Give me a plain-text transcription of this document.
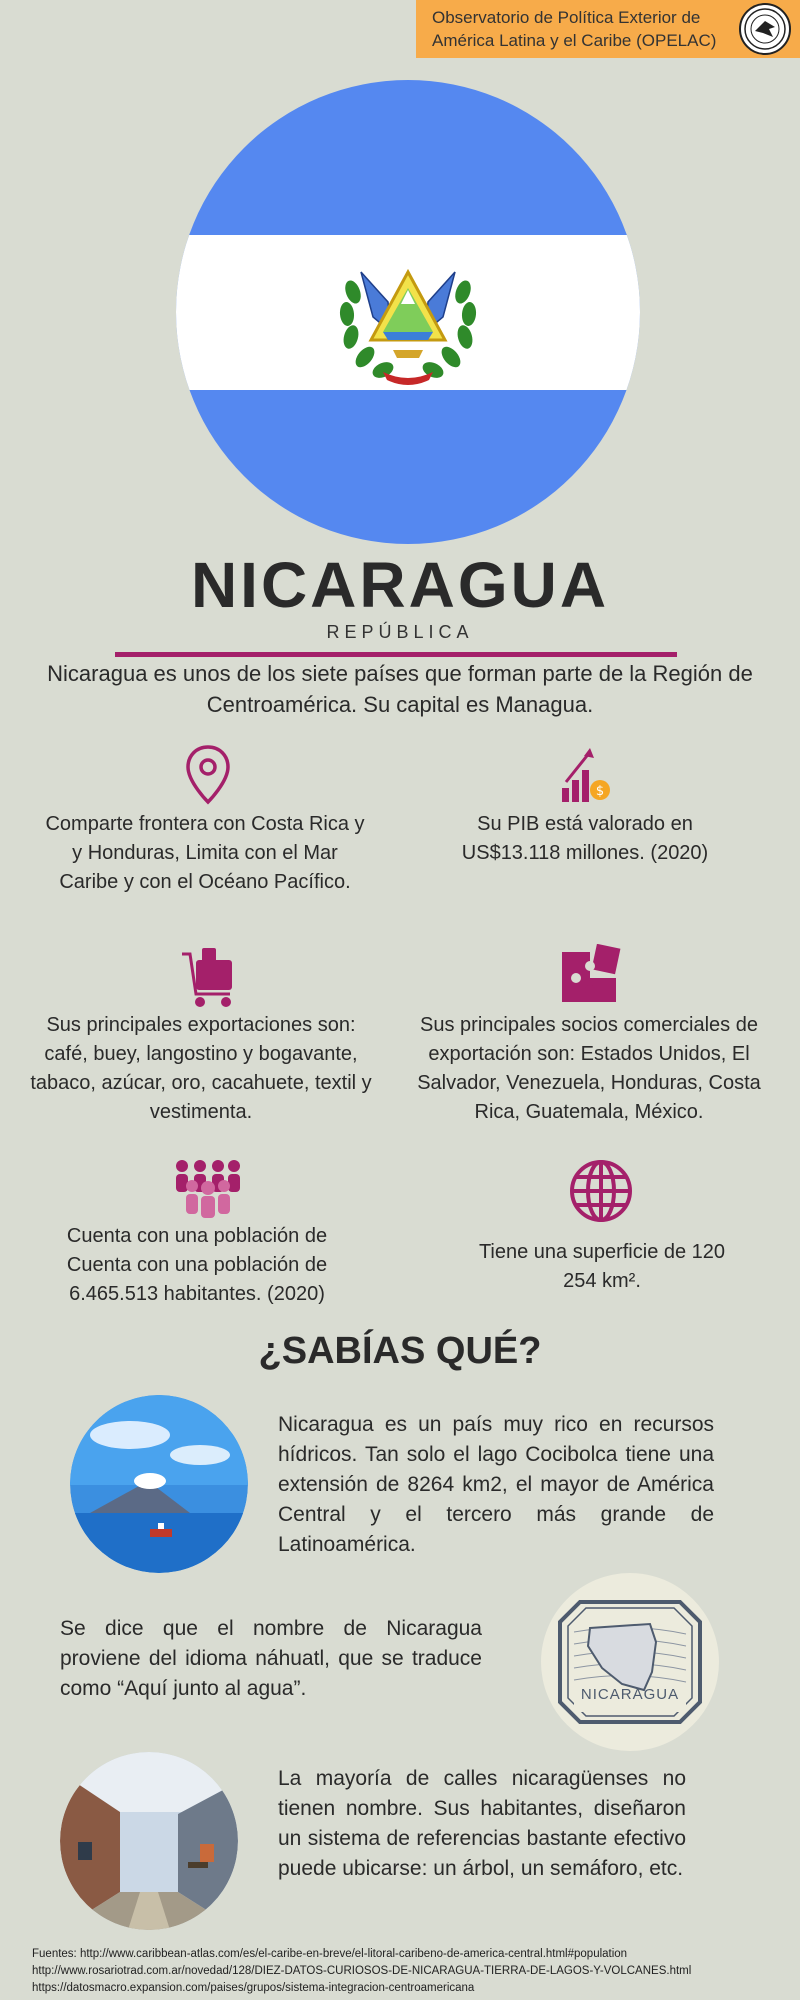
Observatorio de Política Exterior de
América Latina y el Caribe (OPELAC)
NICARAGUA
REPÚBLICA
Nicaragua es unos de los siete países que forman parte de la Región de Centroamérica. Su capital es Managua.
Comparte frontera con Costa Rica y y Honduras, Limita con el Mar Caribe y con el Océano Pacífico.
$
Su PIB está valorado en US$13.118 millones. (2020)
Sus principales exportaciones son: café, buey, langostino y bogavante, tabaco, azúcar, oro, cacahuete, textil y vestimenta.
Sus principales socios comerciales de exportación son: Estados Unidos, El Salvador, Venezuela, Honduras, Costa Rica, Guatemala, México.
Cuenta con una población de Cuenta con una población de 6.465.513 habitantes. (2020)
Tiene una superficie de 120 254 km².
¿SABÍAS QUÉ?
Nicaragua es un país muy rico en recursos hídricos. Tan solo el lago Cocibolca tiene una extensión de 8264 km2, el mayor de América Central y el tercero más grande de Latinoamérica.
Se dice que el nombre de Nicaragua proviene del idioma náhuatl, que se traduce como “Aquí junto al agua”.	NICARAGUA
La mayoría de calles nicaragüenses no tienen nombre. Sus habitantes, diseñaron un sistema de referencias bastante efectivo puede ubicarse: un árbol, un semáforo, etc.
Fuentes: http://www.caribbean-atlas.com/es/el-caribe-en-breve/el-litoral-caribeno-de-america-central.html#population
http://www.rosariotrad.com.ar/novedad/128/DIEZ-DATOS-CURIOSOS-DE-NICARAGUA-TIERRA-DE-LAGOS-Y-VOLCANES.html
https://datosmacro.expansion.com/paises/grupos/sistema-integracion-centroamericana
